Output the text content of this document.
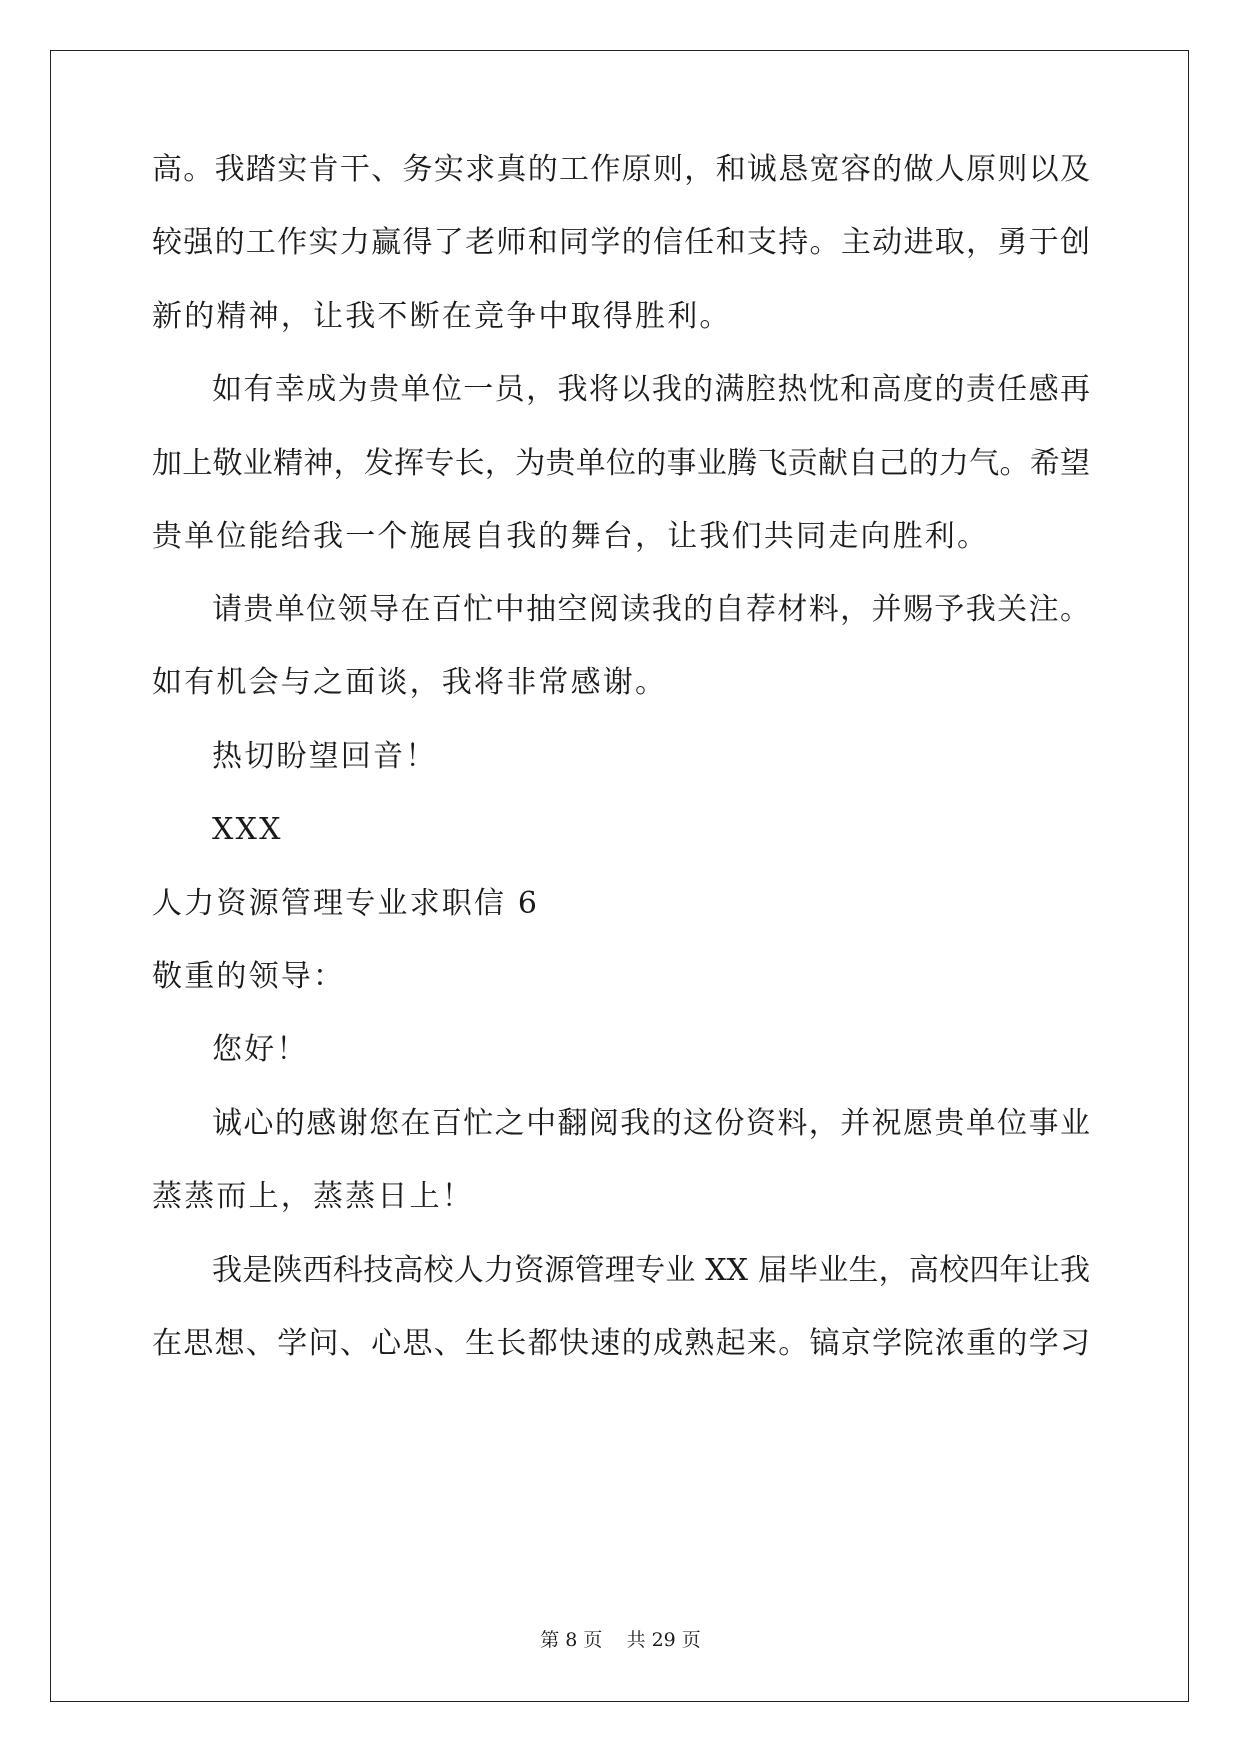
高。我踏实肯干、务实求真的工作原则，和诚恳宽容的做人原则以及
较强的工作实力赢得了老师和同学的信任和支持。主动进取，勇于创
新的精神，让我不断在竞争中取得胜利。
如有幸成为贵单位一员，我将以我的满腔热忱和高度的责任感再
加上敬业精神，发挥专长，为贵单位的事业腾飞贡献自己的力气。希望
贵单位能给我一个施展自我的舞台，让我们共同走向胜利。
请贵单位领导在百忙中抽空阅读我的自荐材料，并赐予我关注。
如有机会与之面谈，我将非常感谢。
热切盼望回音！
XXX
人力资源管理专业求职信 6
敬重的领导：
您好！
诚心的感谢您在百忙之中翻阅我的这份资料，并祝愿贵单位事业
蒸蒸而上，蒸蒸日上！
我是陕西科技高校人力资源管理专业 XX 届毕业生，高校四年让我
在思想、学问、心思、生长都快速的成熟起来。镐京学院浓重的学习
第 8 页    共 29 页
